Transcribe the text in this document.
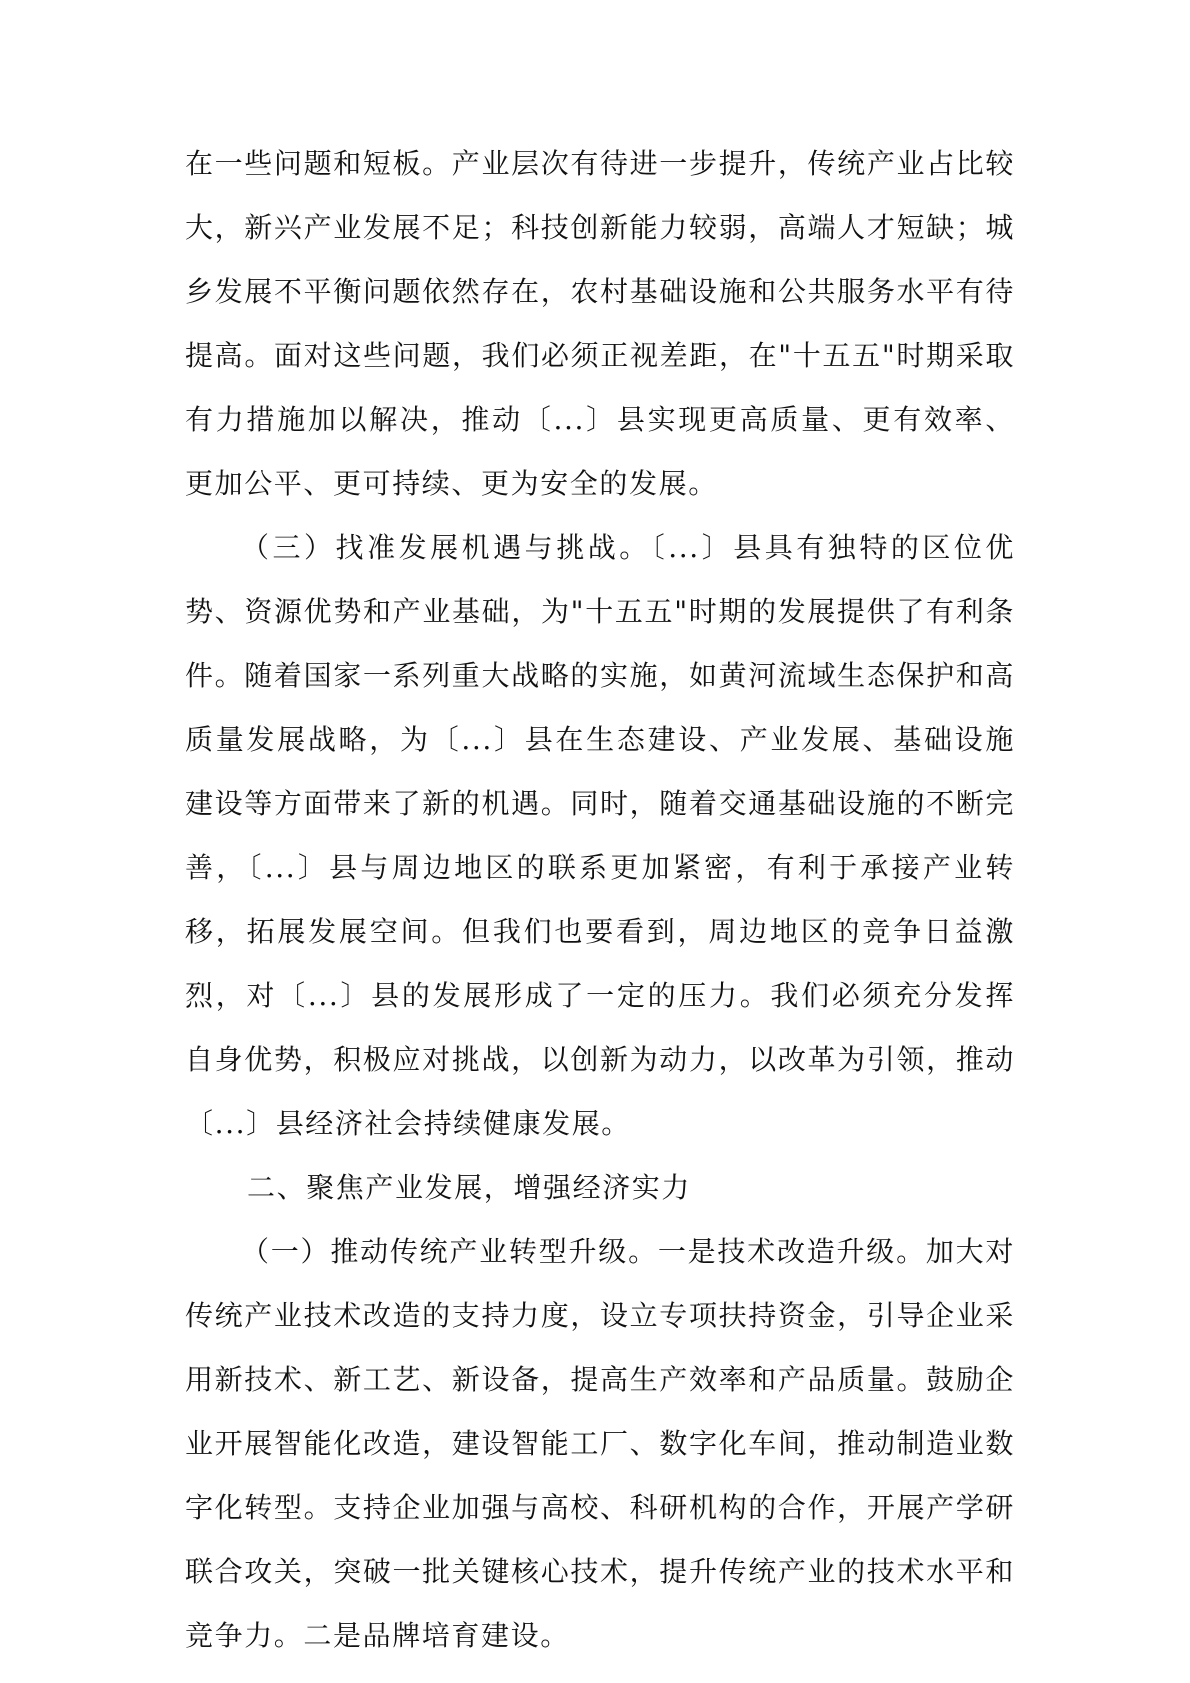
在一些问题和短板。产业层次有待进一步提升，传统产业占比较大，新兴产业发展不足；科技创新能力较弱，高端人才短缺；城乡发展不平衡问题依然存在，农村基础设施和公共服务水平有待提高。面对这些问题，我们必须正视差距，在"十五五"时期采取有力措施加以解决，推动〔...〕县实现更高质量、更有效率、更加公平、更可持续、更为安全的发展。

（三）找准发展机遇与挑战。〔...〕县具有独特的区位优势、资源优势和产业基础，为"十五五"时期的发展提供了有利条件。随着国家一系列重大战略的实施，如黄河流域生态保护和高质量发展战略，为〔...〕县在生态建设、产业发展、基础设施建设等方面带来了新的机遇。同时，随着交通基础设施的不断完善，〔...〕县与周边地区的联系更加紧密，有利于承接产业转移，拓展发展空间。但我们也要看到，周边地区的竞争日益激烈，对〔...〕县的发展形成了一定的压力。我们必须充分发挥自身优势，积极应对挑战，以创新为动力，以改革为引领，推动〔...〕县经济社会持续健康发展。

二、聚焦产业发展，增强经济实力

（一）推动传统产业转型升级。一是技术改造升级。加大对传统产业技术改造的支持力度，设立专项扶持资金，引导企业采用新技术、新工艺、新设备，提高生产效率和产品质量。鼓励企业开展智能化改造，建设智能工厂、数字化车间，推动制造业数字化转型。支持企业加强与高校、科研机构的合作，开展产学研联合攻关，突破一批关键核心技术，提升传统产业的技术水平和竞争力。二是品牌培育建设。
